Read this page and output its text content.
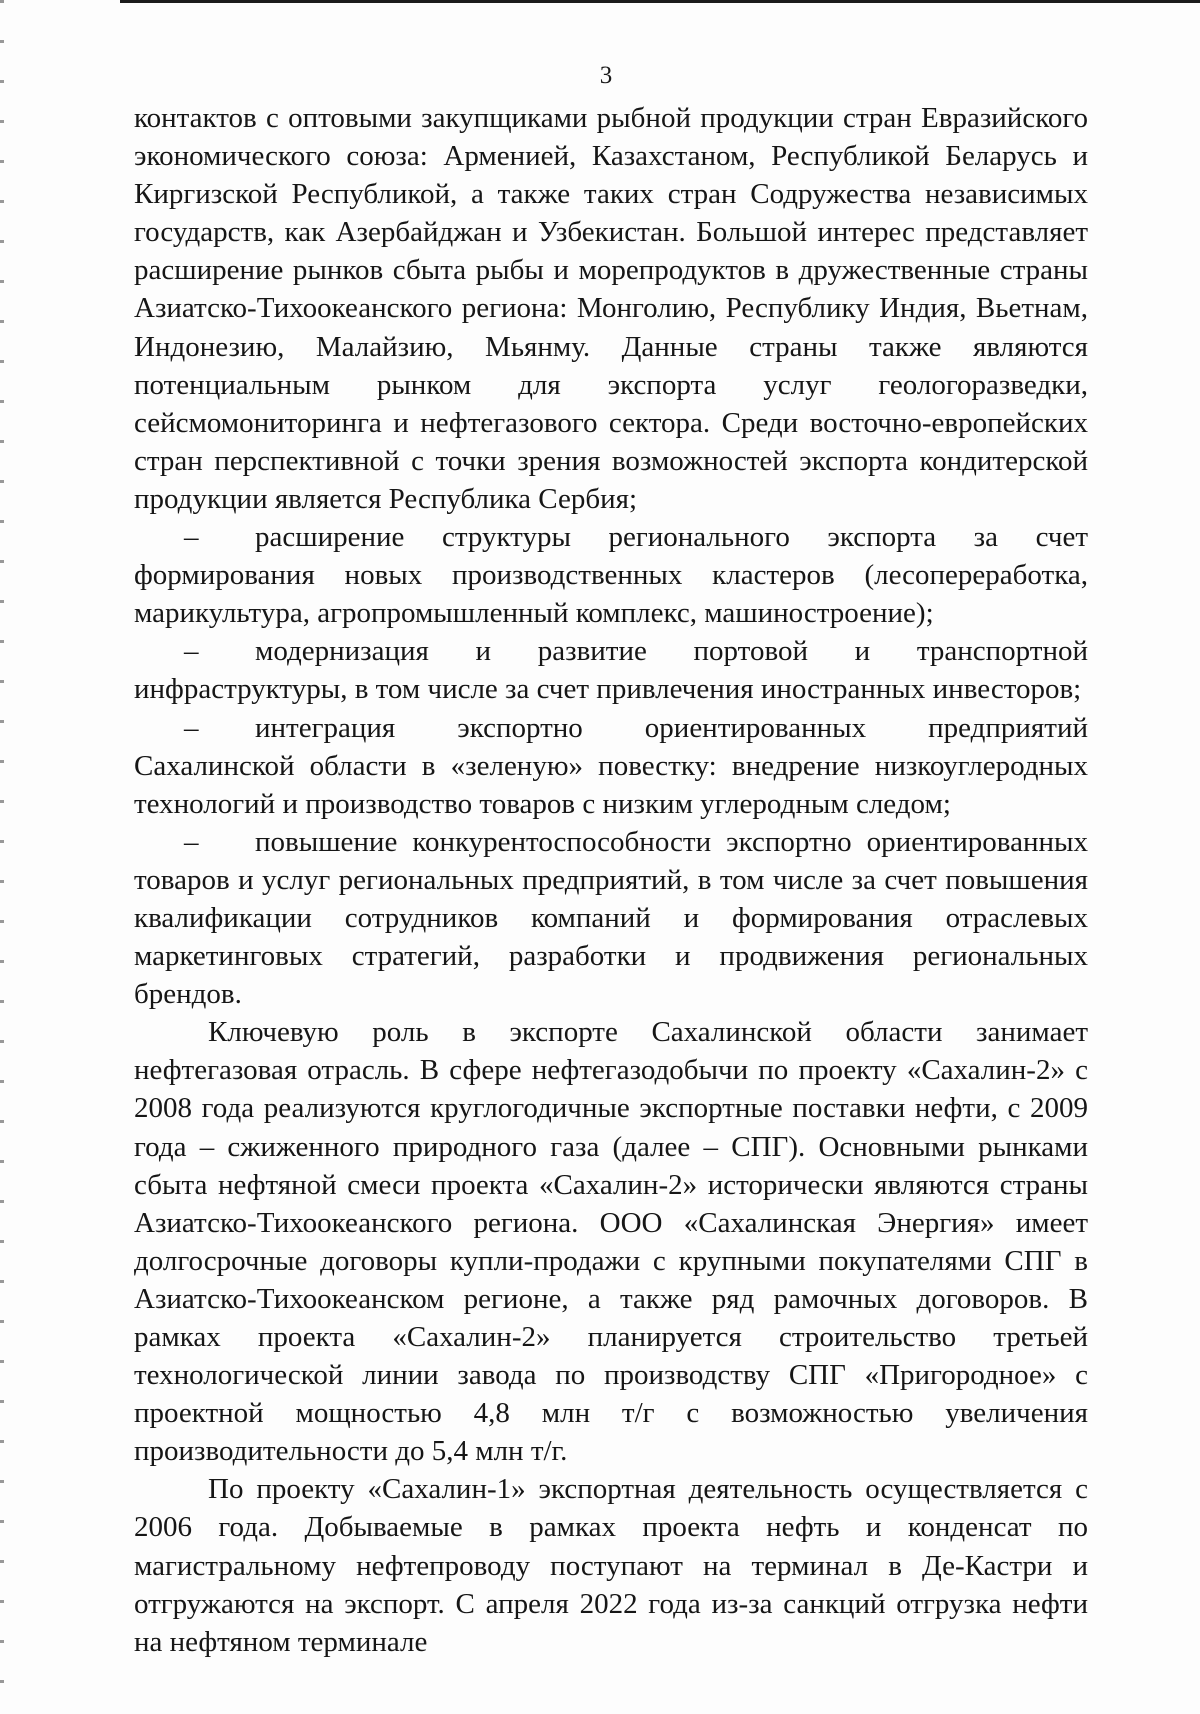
3

контактов с оптовыми закупщиками рыбной продукции стран Евразийского экономического союза: Арменией, Казахстаном, Республикой Беларусь и Киргизской Республикой, а также таких стран Содружества независимых государств, как Азербайджан и Узбекистан. Большой интерес представляет расширение рынков сбыта рыбы и морепродуктов в дружественные страны Азиатско-Тихоокеанского региона: Монголию, Республику Индия, Вьетнам, Индонезию, Малайзию, Мьянму. Данные страны также являются потенциальным рынком для экспорта услуг геологоразведки, сейсмомониторинга и нефтегазового сектора. Среди восточно-европейских стран перспективной с точки зрения возможностей экспорта кондитерской продукции является Республика Сербия;

– расширение структуры регионального экспорта за счет формирования новых производственных кластеров (лесопереработка, марикультура, агропромышленный комплекс, машиностроение);

– модернизация и развитие портовой и транспортной инфраструктуры, в том числе за счет привлечения иностранных инвесторов;

– интеграция экспортно ориентированных предприятий Сахалинской области в «зеленую» повестку: внедрение низкоуглеродных технологий и производство товаров с низким углеродным следом;

– повышение конкурентоспособности экспортно ориентированных товаров и услуг региональных предприятий, в том числе за счет повышения квалификации сотрудников компаний и формирования отраслевых маркетинговых стратегий, разработки и продвижения региональных брендов.

Ключевую роль в экспорте Сахалинской области занимает нефтегазовая отрасль. В сфере нефтегазодобычи по проекту «Сахалин-2» с 2008 года реализуются круглогодичные экспортные поставки нефти, с 2009 года – сжиженного природного газа (далее – СПГ). Основными рынками сбыта нефтяной смеси проекта «Сахалин-2» исторически являются страны Азиатско-Тихоокеанского региона. ООО «Сахалинская Энергия» имеет долгосрочные договоры купли-продажи с крупными покупателями СПГ в Азиатско-Тихоокеанском регионе, а также ряд рамочных договоров. В рамках проекта «Сахалин-2» планируется строительство третьей технологической линии завода по производству СПГ «Пригородное» с проектной мощностью 4,8 млн т/г с возможностью увеличения производительности до 5,4 млн т/г.

По проекту «Сахалин-1» экспортная деятельность осуществляется с 2006 года. Добываемые в рамках проекта нефть и конденсат по магистральному нефтепроводу поступают на терминал в Де-Кастри и отгружаются на экспорт. С апреля 2022 года из-за санкций отгрузка нефти на нефтяном терминале
